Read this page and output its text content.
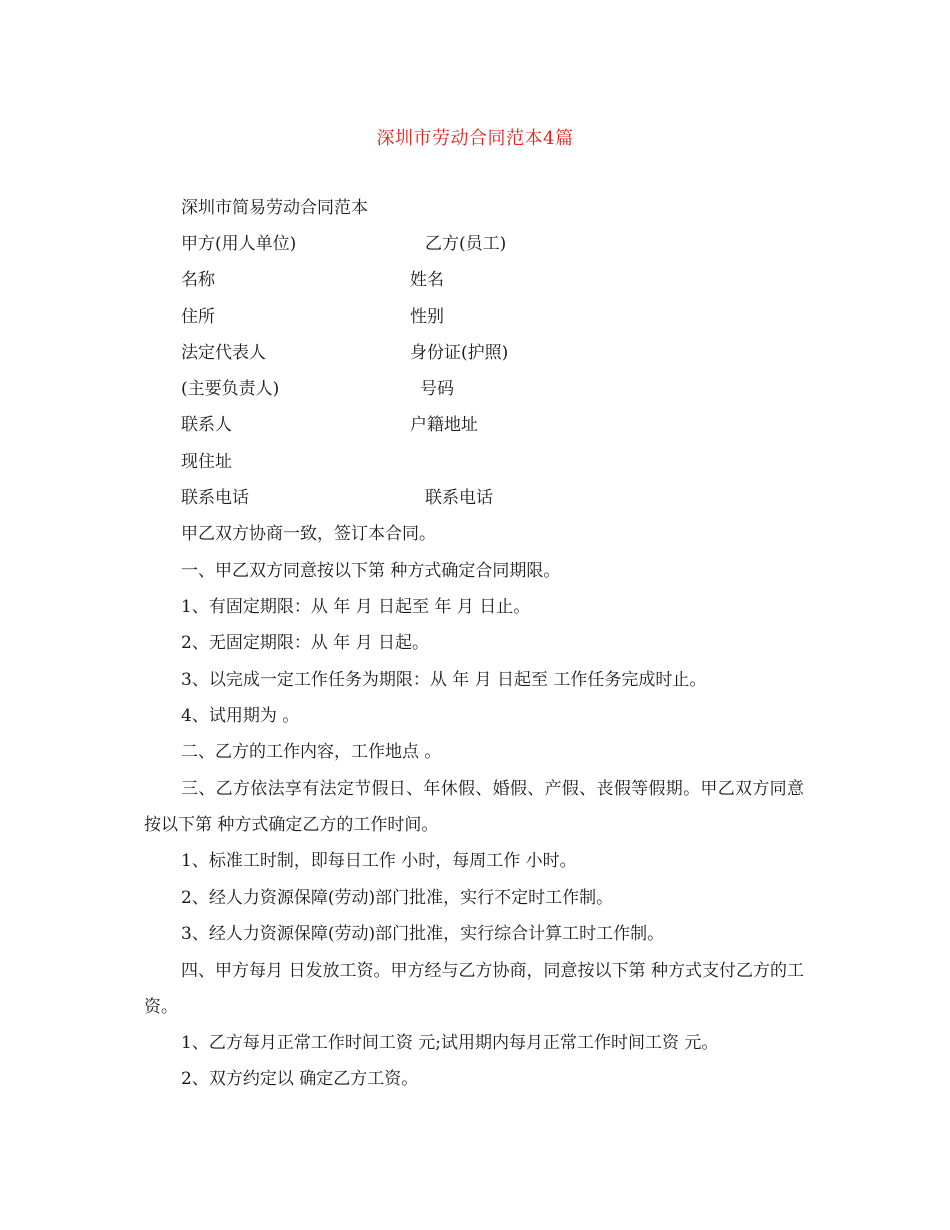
深圳市劳动合同范本4篇
深圳市简易劳动合同范本
甲方(用人单位)	乙方(员工)
名称	姓名
住所	性别
法定代表人	身份证(护照)
(主要负责人)	号码
联系人	户籍地址
现住址
联系电话	联系电话
甲乙双方协商一致，签订本合同。
一、甲乙双方同意按以下第 种方式确定合同期限。
1、有固定期限：从 年 月 日起至 年 月 日止。
2、无固定期限：从 年 月 日起。
3、以完成一定工作任务为期限：从 年 月 日起至 工作任务完成时止。
4、试用期为 。
二、乙方的工作内容，工作地点 。
三、乙方依法享有法定节假日、年休假、婚假、产假、丧假等假期。甲乙双方同意按以下第 种方式确定乙方的工作时间。
1、标准工时制，即每日工作 小时，每周工作 小时。
2、经人力资源保障(劳动)部门批准，实行不定时工作制。
3、经人力资源保障(劳动)部门批准，实行综合计算工时工作制。
四、甲方每月 日发放工资。甲方经与乙方协商，同意按以下第 种方式支付乙方的工资。
1、乙方每月正常工作时间工资 元;试用期内每月正常工作时间工资 元。
2、双方约定以 确定乙方工资。
